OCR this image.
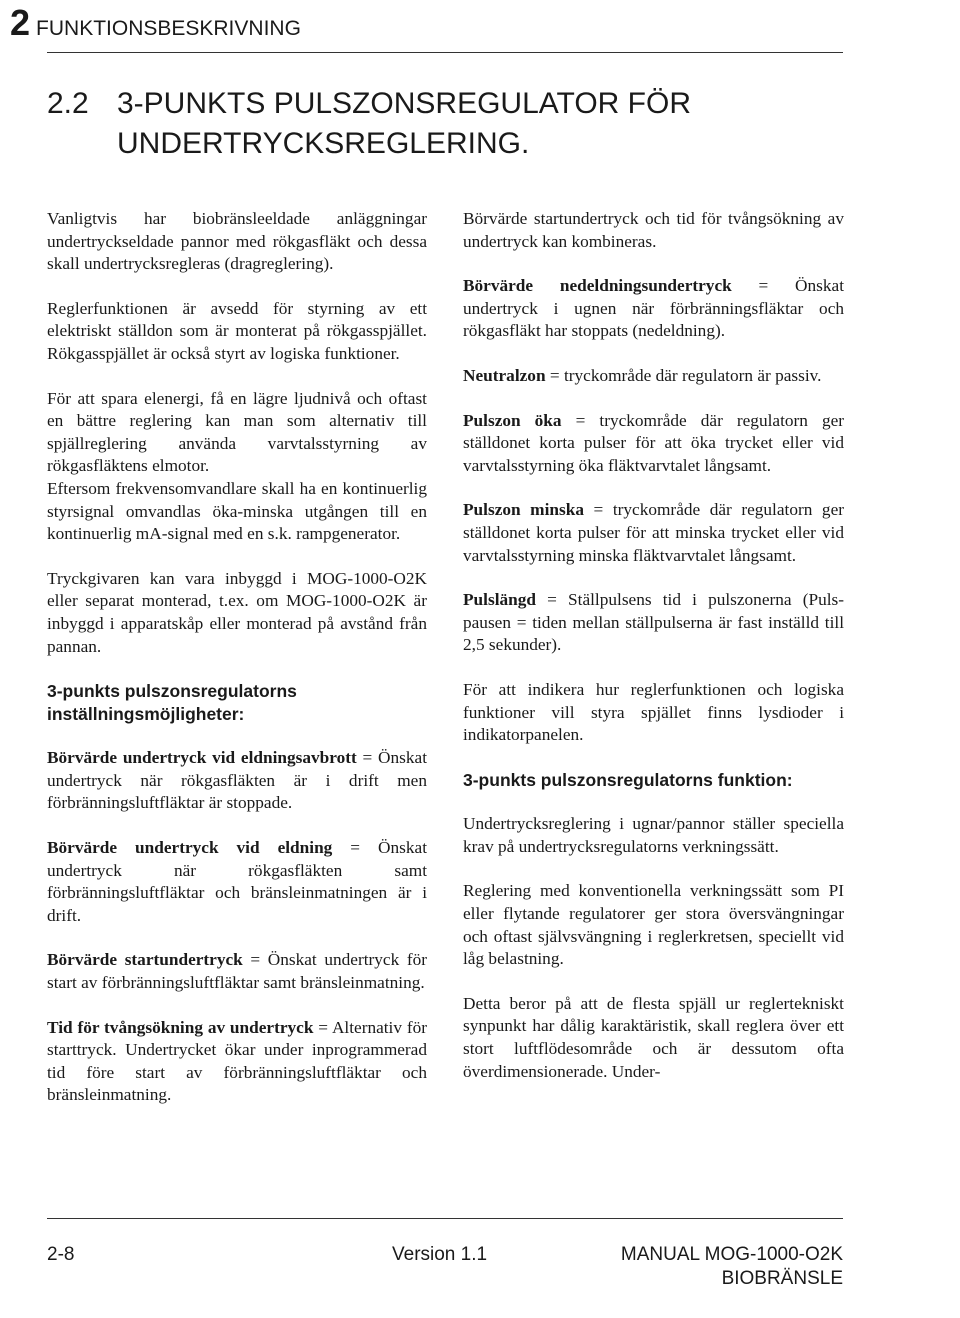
2 FUNKTIONSBESKRIVNING
2.2 3-PUNKTS PULSZONSREGULATOR FÖR UNDERTRYCKSREGLERING.

Vanligtvis har biobränsleeldade anläggningar undertryckseldade pannor med rökgasfläkt och dessa skall undertrycksregleras (dragreglering).

Reglerfunktionen är avsedd för styrning av ett elektriskt ställdon som är monterat på rökgasspjället. Rökgasspjället är också styrt av logiska funktioner.

För att spara elenergi, få en lägre ljudnivå och oftast en bättre reglering kan man som alternativ till spjällreglering använda varvtalsstyrning av rökgasfläktens elmotor.

Eftersom frekvensomvandlare skall ha en kontinuerlig styrsignal omvandlas öka-minska utgången till en kontinuerlig mA-signal med en s.k. rampgenerator.

Tryckgivaren kan vara inbyggd i MOG-1000-O2K eller separat monterad, t.ex. om MOG-1000-O2K är inbyggd i apparatskåp eller monterad på avstånd från pannan.

3-punkts pulszonsregulatorns inställningsmöjligheter:

Börvärde undertryck vid eldningsavbrott = Önskat undertryck när rökgasfläkten är i drift men förbränningsluftfläktar är stoppade.

Börvärde undertryck vid eldning = Önskat undertryck när rökgasfläkten samt förbränningsluftfläktar och bränsleinmatningen är i drift.

Börvärde startundertryck = Önskat undertryck för start av förbränningsluftfläktar samt bränsleinmatning.

Tid för tvångsökning av undertryck = Alternativ för starttryck. Undertrycket ökar under inprogrammerad tid före start av förbränningsluftfläktar och bränsleinmatning.

Börvärde startundertryck och tid för tvångsökning av undertryck kan kombineras.

Börvärde nedeldningsundertryck = Önskat undertryck i ugnen när förbränningsfläktar och rökgasfläkt har stoppats (nedeldning).

Neutralzon = tryckområde där regulatorn är passiv.

Pulszon öka = tryckområde där regulatorn ger ställdonet korta pulser för att öka trycket eller vid varvtalsstyrning öka fläktvarvtalet långsamt.

Pulszon minska = tryckområde där regulatorn ger ställdonet korta pulser för att minska trycket eller vid varvtalsstyrning minska fläktvarvtalet långsamt.

Pulslängd = Ställpulsens tid i pulszonerna (Puls-pausen = tiden mellan ställpulserna är fast inställd till 2,5 sekunder).

För att indikera hur reglerfunktionen och logiska funktioner vill styra spjället finns lysdioder i indikatorpanelen.

3-punkts pulszonsregulatorns funktion:

Undertrycksreglering i ugnar/pannor ställer speciella krav på undertrycksregulatorns verkningssätt.

Reglering med konventionella verkningssätt som PI eller flytande regulatorer ger stora översvängningar och oftast självsvängning i reglerkretsen, speciellt vid låg belastning.

Detta beror på att de flesta spjäll ur reglertekniskt synpunkt har dålig karaktäristik, skall reglera över ett stort luftflödesområde och är dessutom ofta överdimensionerade. Under-

2-8	Version 1.1	MANUAL MOG-1000-O2K
BIOBRÄNSLE
